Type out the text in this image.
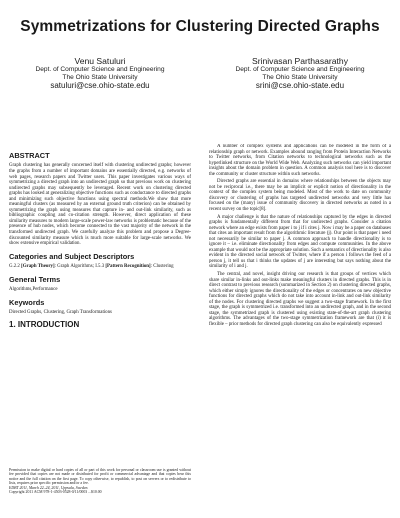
Symmetrizations for Clustering Directed Graphs
Venu Satuluri
Dept. of Computer Science and Engineering
The Ohio State University
satuluri@cse.ohio-state.edu
Srinivasan Parthasarathy
Dept. of Computer Science and Engineering
The Ohio State University
srini@cse.ohio-state.edu
ABSTRACT

Graph clustering has generally concerned itself with clustering undirected graphs; however the graphs from a number of important domains are essentially directed, e.g. networks of web pages, research papers and Twitter users. This paper investigates various ways of symmetrizing a directed graph into an undirected graph so that previous work on clustering undirected graphs may subsequently be leveraged. Recent work on clustering directed graphs has looked at generalizing objective functions such as conductance to directed graphs and minimizing such objective functions using spectral methods.We show that more meaningful clusters (as measured by an external ground truth criterion) can be obtained by symmetrizing the graph using measures that capture in- and out-link similarity, such as bibliographic coupling and co-citation strength. However, direct application of these similarity measures to modern large-scale power-law networks is problematic because of the presence of hub nodes, which become connected to the vast majority of the network in the transformed undirected graph. We carefully analyze this problem and propose a Degree-discounted similarity measure which is much more suitable for large-scale networks. We show extensive empirical validation.

Categories and Subject Descriptors

G.2.2 [Graph Theory]: Graph Algorithms; I.5.3 [Pattern Recognition]: Clustering

General Terms

Algorithms,Performance

Keywords

Directed Graphs, Clustering, Graph Transformations

1. INTRODUCTION

Permission to make digital or hard copies of all or part of this work for personal or classroom use is granted without fee provided that copies are not made or distributed for profit or commercial advantage and that copies bear this notice and the full citation on the first page. To copy otherwise, to republish, to post on servers or to redistribute to lists, requires prior specific permission and/or a fee.

EDBT 2011, March 22–24, 2011, Uppsala, Sweden.

Copyright 2011 ACM 978-1-4503-0528-0/11/0003 ...$10.00

A number of complex systems and applications can be modeled in the form of a relationship graph or network. Examples abound ranging from Protein Interaction Networks to Twitter networks, from Citation networks to technological networks such as the hyperlinked structure on the World Wide Web. Analyzing such networks can yield important insights about the domain problem in question. A common analysis tool here is to discover the community or cluster structure within such networks.

Directed graphs are essential in domains where relationships between the objects may not be reciprocal i.e., there may be an implicit or explicit notion of directionality in the context of the complex system being modeled. Most of the work to date on community discovery or clustering of graphs has targeted undirected networks and very little has focused on the (many) issue of community discovery in directed networks as noted in a recent survey on the topic[8].

A major challenge is that the nature of relationships captured by the edges in directed graphs is fundamentally different from that for undirected graphs. Consider a citation network where an edge exists from paper i to j if i cites j. Now i may be a paper on databases that cites an important result from the algorithmic literature (j). Our point is that paper i need not necessarily be similar to paper j. A common approach to handle directionality is to ignore it – i.e. eliminate directionality from edges and compute communities. In the above example that would not be the appropriate solution. Such a semantics of directionality is also evident in the directed social network of Twitter, where if a person i follows the feed of a person j, it tell us that i thinks the updates of j are interesting but says nothing about the similarity of i and j.

The central, and novel, insight driving our research is that groups of vertices which share similar in-links and out-links make meaningful clusters in directed graphs. This is in direct contrast to previous research (summarized in Section 2) on clustering directed graphs, which either simply ignores the directionality of the edges or concentrates on new objective functions for directed graphs which do not take into account in-link and out-link similarity of the nodes. For clustering directed graphs we suggest a two-stage framework. In the first stage, the graph is symmetrized i.e. transformed into an undirected graph, and in the second stage, the symmetrized graph is clustered using existing state-of-the-art graph clustering algorithms. The advantages of the two-stage symmetrization framework are that (i) it is flexible – prior methods for directed graph clustering can also be equivalently expressed
